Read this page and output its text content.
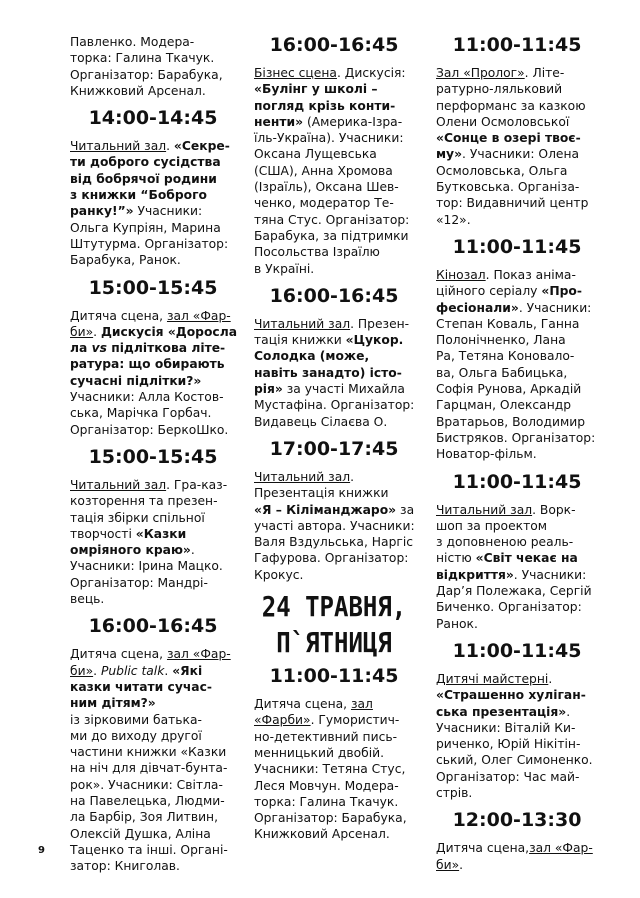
Павленко. Модера-
торка: Галина Ткачук.
Організатор: Барабука,
Книжковий Арсенал.
14:00-14:45
Читальний зал. «Секре-
ти доброго сусідства
від бобрячої родини
з книжки “Боброго
ранку!”» Учасники:
Ольга Купріян, Марина
Штутурма. Організатор:
Барабука, Ранок.
15:00-15:45
Дитяча сцена, зал «Фар-
би». Дискусія «Доросла
ла vs підліткова літе-
ратура: що обирають
сучасні підлітки?»
Учасники: Алла Костов-
ська, Марічка Горбач.
Організатор: БеркоШко.
15:00-15:45
Читальний зал. Гра-каз-
козторення та презен-
тація збірки спільної
творчості «Казки
омріяного краю».
Учасники: Ірина Мацко.
Організатор: Мандрі-
вець.
16:00-16:45
Дитяча сцена, зал «Фар-
би». Public talk. «Які
казки читати сучас-
ним дітям?»
із зірковими батька-
ми до виходу другої
частини книжки «Казки
на ніч для дівчат-бунта-
рок». Учасники: Світла-
на Павелецька, Людми-
ла Барбір, Зоя Литвин,
Олексій Душка, Аліна
Таценко та інші. Органі-
затор: Книголав.
16:00-16:45
Бізнес сцена. Дискусія:
«Булінг у школі –
погляд крізь конти-
ненти» (Америка-Ізра-
їль-Україна). Учасники:
Оксана Лущевська
(США), Анна Хромова
(Ізраїль), Оксана Шев-
ченко, модератор Те-
тяна Стус. Організатор:
Барабука, за підтримки
Посольства Ізраїлю
в Україні.
16:00-16:45
Читальний зал. Презен-
тація книжки «Цукор.
Солодка (може,
навіть занадто) істо-
рія» за участі Михайла
Мустафіна. Організатор:
Видавець Сілаєва О.
17:00-17:45
Читальний зал.
Презентація книжки
«Я – Кіліманджаро» за
участі автора. Учасники:
Валя Вздульська, Наргіс
Гафурова. Організатор:
Крокус.
24 ТРАВНЯ,
П`ЯТНИЦЯ
11:00-11:45
Дитяча сцена, зал
«Фарби». Гумористич-
но-детективний пись-
менницький двобій.
Учасники: Тетяна Стус,
Леся Мовчун. Модера-
торка: Галина Ткачук.
Організатор: Барабука,
Книжковий Арсенал.
11:00-11:45
Зал «Пролог». Літе-
ратурно-ляльковий
перформанс за казкою
Олени Осмоловської
«Сонце в озері твоє-
му». Учасники: Олена
Осмоловська, Ольга
Бутковська. Організа-
тор: Видавничий центр
«12».
11:00-11:45
Кінозал. Показ аніма-
ційного серіалу «Про-
фесіонали». Учасники:
Степан Коваль, Ганна
Полонічненко, Лана
Ра, Тетяна Коновало-
ва, Ольга Бабицька,
Софія Рунова, Аркадій
Гарцман, Олександр
Вратарьов, Володимир
Бистряков. Організатор:
Новатор-фільм.
11:00-11:45
Читальний зал. Ворк-
шоп за проектом
з доповненою реаль-
ністю «Світ чекає на
відкриття». Учасники:
Дар’я Полежака, Сергій
Биченко. Організатор:
Ранок.
11:00-11:45
Дитячі майстерні.
«Страшенно хуліган-
ська презентація».
Учасники: Віталій Ки-
риченко, Юрій Нікітін-
ський, Олег Симоненко.
Організатор: Час май-
стрів.
12:00-13:30
Дитяча сцена,зал «Фар-
би».
9
